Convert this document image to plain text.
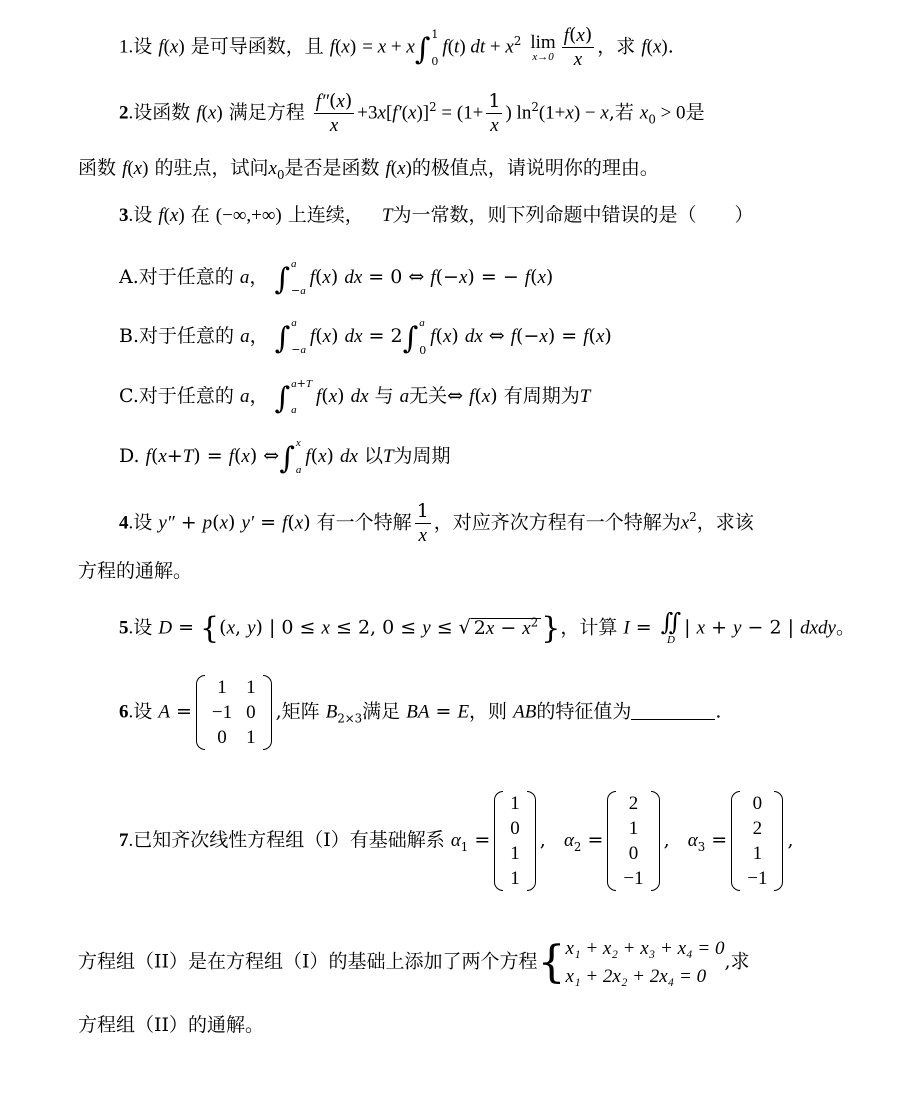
1.设 f(x) 是可导函数，且 f(x) = x + x∫ 1
0
f(t) dt + $x^2$ lim
$x\to 0 \frac{f(x)}{x}$ ，求 f(x).
2.设函数 f(x) 满足方程 $\frac{f''(x)}{x} +3x[f'(x)]^2 = (1+ \frac{1}{x}$ ) $\ln^2(1+x) - x$,若 $x_0 > 0$是
函数 f(x) 的驻点，试问$x_0$是否是函数 f(x)的极值点，请说明你的理由。
3.设 f(x) 在 (−∞,+∞) 上连续， T为一常数，则下列命题中错误的是（　　）
A.对于任意的 a， ∫ a
−a
f(x) dx = 0 ⇔ f(−x) = − f(x)
B.对于任意的 a， ∫ a
−a
f(x) dx = 2∫ a
0
f(x) dx ⇔ f(−x) = f(x)
C.对于任意的 a， ∫ a+T
a
f(x) dx 与 a无关⇔ f(x) 有周期为T
D. f(x+T) = f(x) ⇔∫ x
a
f(x) dx 以T为周期
4.设 y″ + p(x) y′ = f(x) 有一个特解 $\frac{1}{x}$ ，对应齐次方程有一个特解为$x^2$，求该
方程的通解。
5.设 D = {(x, y) | 0 ≤ x ≤ 2, 0 ≤ y ≤ √ $2x - x^2$ }，计算 I = ∬
D
| x + y − 2 | dxdy。
6.设 A =
1	1
−1	0
0	1
,矩阵 $B_{2\times 3}$满足 BA = E，则 AB的特征值为	.
7.已知齐次线性方程组（I）有基础解系 $\alpha_1$ =
1
0
1
1
,   $\alpha_2$ =
2
1
0
−1
,   $\alpha_3$ =
0
2
1
−1
,
方程组（II）是在方程组（I）的基础上添加了两个方程{ x₁ + x₂ + x₃ + x₄ = 0
x₁ + 2x₂ + 2x₄ = 0
,求
方程组（II）的通解。
